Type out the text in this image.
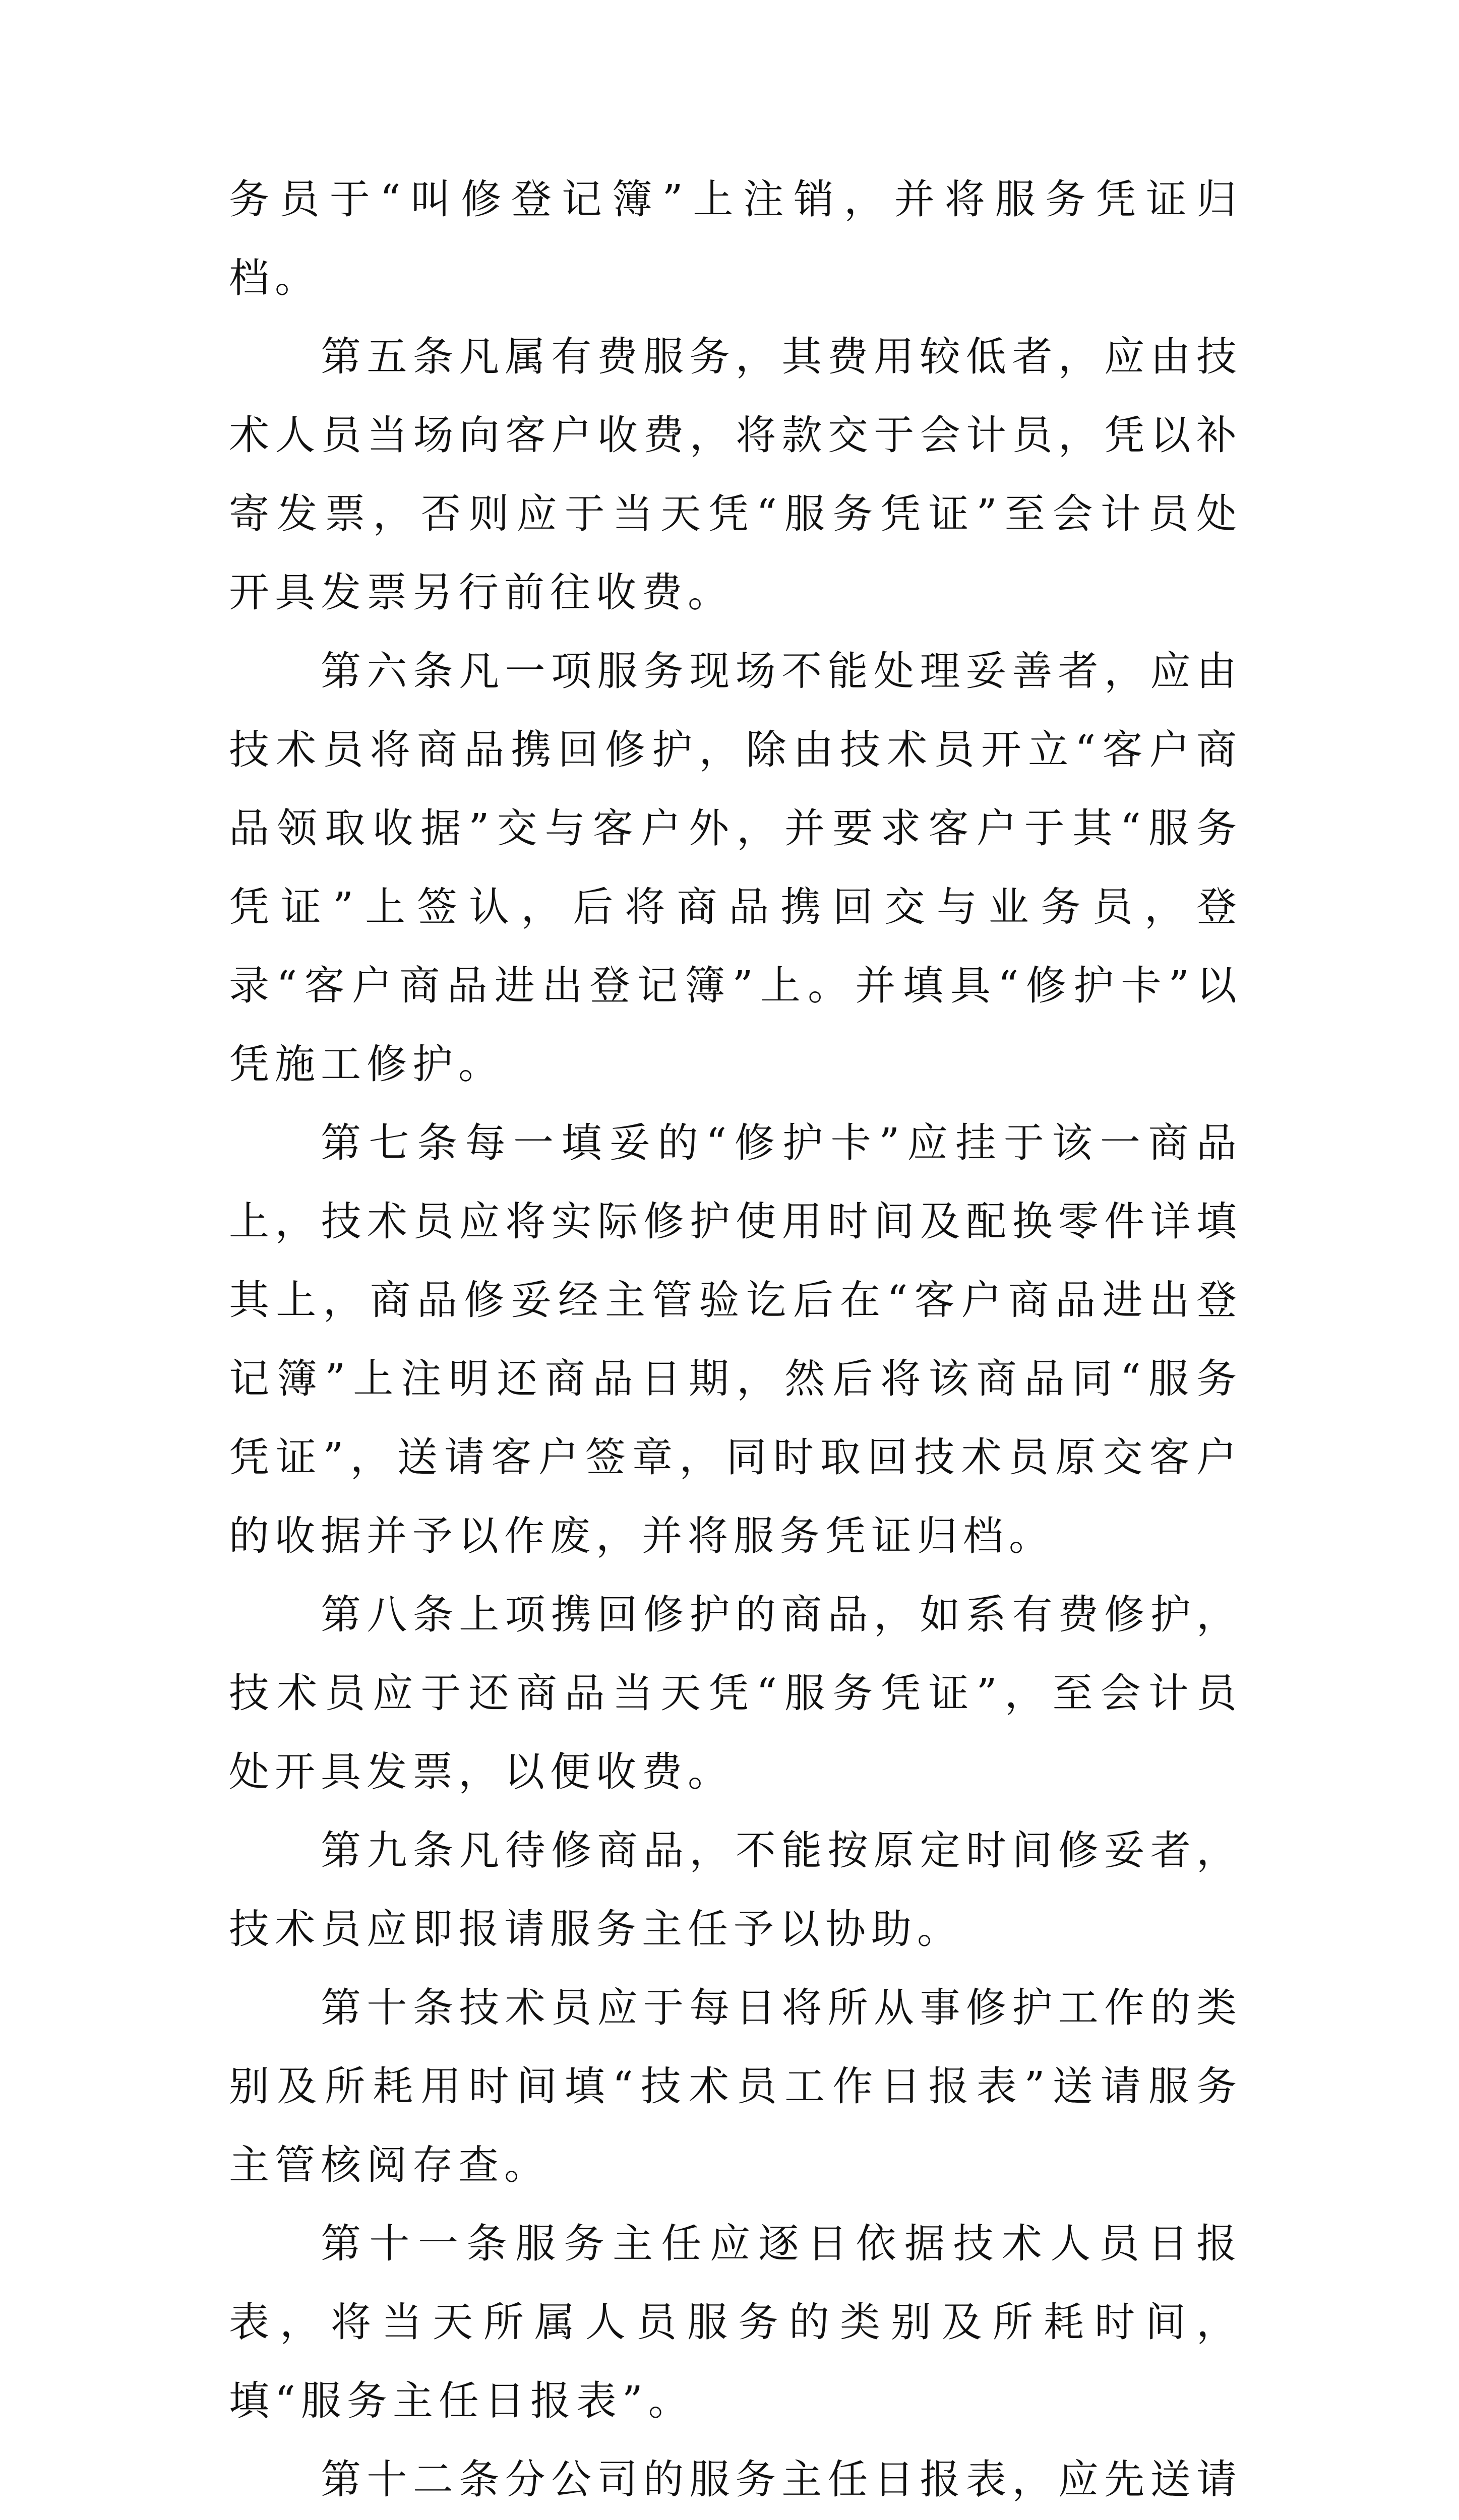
务员于“叫修登记簿”上注销，并将服务凭证归档。

第五条凡属有费服务，其费用较低者，应由技术人员当场向客户收费，将款交于会计员，凭以补寄发票，否则应于当天凭“服务凭证”至会计员处开具发票另行前往收费。

第六条凡一项服务现场不能处理妥善者，应由技术员将商品携回修护，除由技术员开立“客户商品领取收据”交与客户外，并要求客户于其“服务凭证”上签认，后将商品携回交与业务员，登录“客户商品进出登记簿”上。并填具“修护卡”以凭施工修护。

第七条每一填妥的“修护卡”应挂于该一商品上，技术员应将实际修护使用时间及配换零件详填其上，商品修妥经主管验讫后在“客户商品进出登记簿”上注明还商品日期，然后将该商品同“服务凭证”，送请客户签章，同时取回技术员原交客户的收据并予以作废，并将服务凭证归档。

第八条上项携回修护的商品，如系有费修护，技术员应于还商品当天凭“服务凭证”，至会计员处开具发票，以便收费。

第九条凡待修商品，不能按原定时间修妥者，技术员应即报请服务主任予以协助。

第十条技术员应于每日将所从事修护工作的类别及所耗用时间填“技术员工作日报表”送请服务主管核阅存查。

第十一条服务主任应逐日依据技术人员日报表，将当天所属人员服务的类别及所耗时间，填“服务主任日报表”。

第十二条分公司的服务主任日报表，应先送请
